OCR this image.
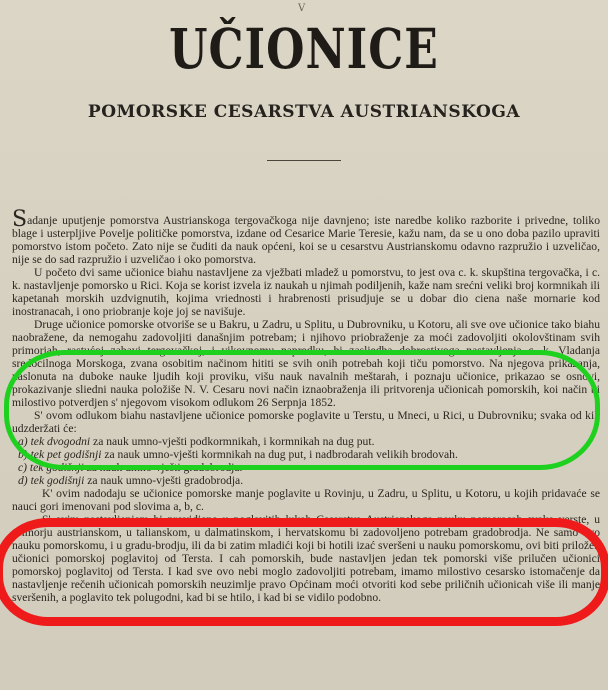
V
UČIONICE
POMORSKE CESARSTVA AUSTRIANSKOGA

Sadanje uputjenje pomorstva Austrianskoga tergovačkoga nije davnjeno; iste naredbe koliko razborite i privedne, toliko blage i usterpljive Povelje političke pomorstva, izdane od Cesarice Marie Teresie, kažu nam, da se u ono doba pazilo upraviti pomorstvo istom početo. Zato nije se čuditi da nauk općeni, koi se u cesarstvu Austrianskomu odavno razpružio i uzveličao, nije se do sad razpružio i uzveličao i oko pomorstva.

U početo dvi same učionice biahu nastavljene za vježbati mladež u pomorstvu, to jest ova c. k. skupština tergovačka, i c. k. nastavljenje pomorsko u Rici. Koja se korist izvela iz naukah u njimah podiljenih, kaže nam srećni veliki broj kormnikah ili kapetanah morskih uzdvignutih, kojima vriednosti i hrabrenosti prisudjuje se u dobar dio ciena naše mornarie kod inostranacah, i ono priobranje koje joj se navišuje.

Druge učionice pomorske otvoriše se u Bakru, u Zadru, u Splitu, u Dubrovniku, u Kotoru, ali sve ove učionice tako biahu naobražene, da nemogahu zadovoljiti današnjim potrebam; i njihovo priobraženje za moći zadovoljiti okolovštinam svih primorjah, rastućoj zabavi tergovačkoj, i vikovnomu napredku, bi zasliedba dobrostivoga nastavljenja c. k. Vladanja sredocilnoga Morskoga, zvana osobitim načinom hititi se svih onih potrebah koji tiču pomorstvo. Na njegova prikazanja, naslonuta na duboke nauke ljudih koji proviku, višu nauk navalnih meštarah, i poznaju učionice, prikazao se osnovi, prokazivanje sliedni nauka položiše N. V. Cesaru novi način iznaobraženja ili pritvorenja učionicah pomorskih, koi način bi milostivo potverdjen s' njegovom visokom odlukom 26 Serpnja 1852.

S' ovom odlukom biahu nastavljene učionice pomorske poglavite u Terstu, u Mneci, u Rici, u Dubrovniku; svaka od kih udzderžati će:

a) tek dvogodni za nauk umno-vješti podkormnikah, i kormnikah na dug put.
b) tek pet godišnji za nauk umno-vješti kormnikah na dug put, i nadbrodarah velikih brodovah.
c) tek godišnji za nauk umno-vješti gradobrodja.
d) tek godišnji za nauk umno-vješti gradobrodja.

K' ovim nadodaju se učionice pomorske manje poglavite u Rovinju, u Zadru, u Splitu, u Kotoru, u kojih pridavaće se nauci gori imenovani pod slovima a, b, c.

S' ovim nastavljenjem bi providjeno u poglavitih lukah Cesarstva Austrianskoga nauku pomoracah svake verste, u primorju austrianskom, u talianskom, u dalmatinskom, i hervatskomu bi zadovoljeno potrebam gradobrodja. Ne samo ovo nauku pomorskomu, i u gradu-brodju, ili da bi zatim mladići koji bi hotili izać sveršeni u nauku pomorskomu, ovi biti priložen učionici pomorskoj poglavitoj od Tersta. I cah pomorskih, bude nastavljen jedan tek pomorski više prilučen učionici pomorskoj poglavitoj od Tersta. I kad sve ovo nebi moglo zadovoljiti potrebam, imamo milostivo cesarsko istomačenje da nastavljenje rečenih učionicah pomorskih neuzimlje pravo Općinam moći otvoriti kod sebe priličnih učionicah više ili manje sveršenih, a poglavito tek polugodni, kad bi se htilo, i kad bi se vidilo podobno.
